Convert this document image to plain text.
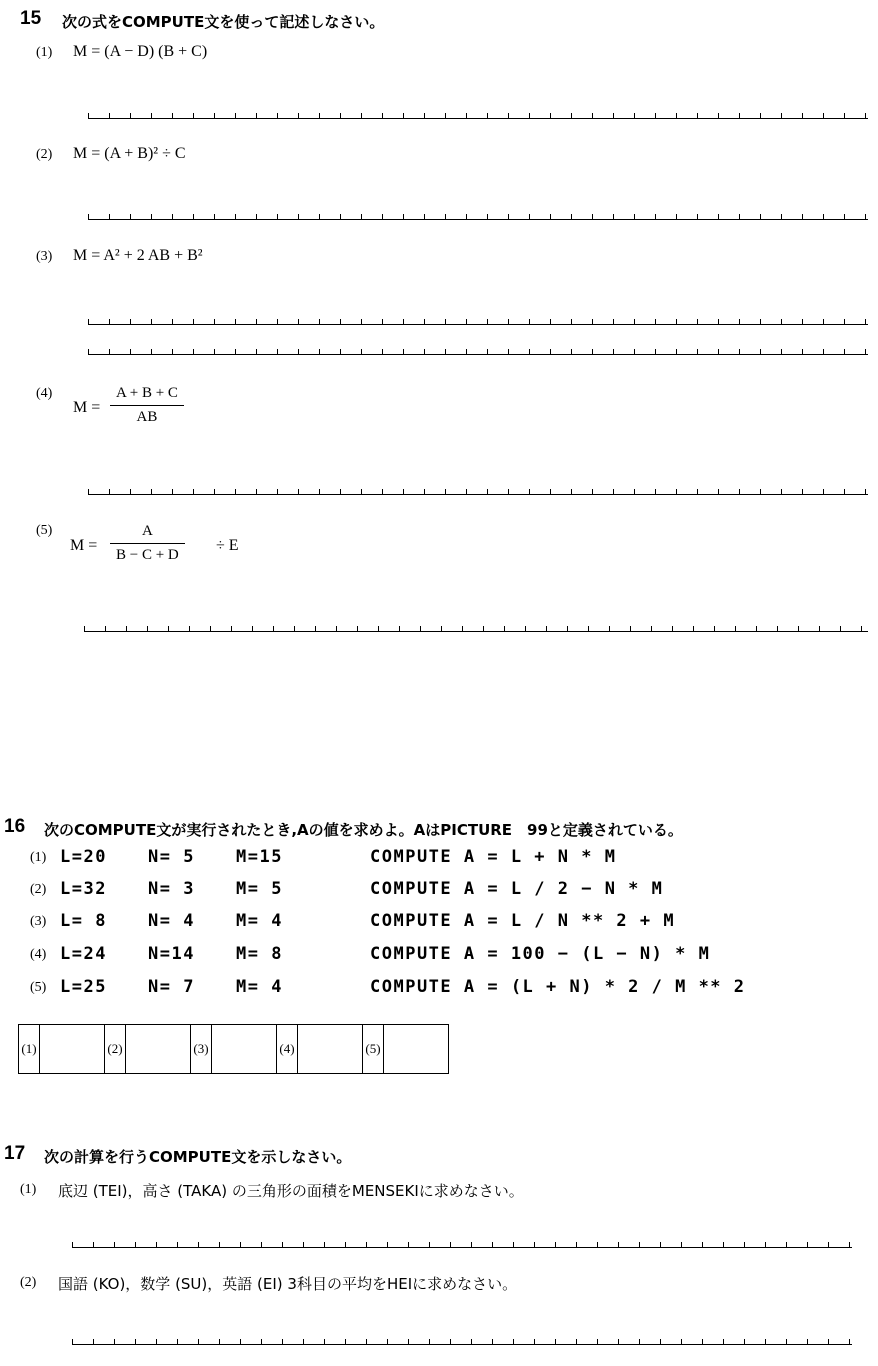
15 次の式をCOMPUTE文を使って記述しなさい。
(1) M = (A − D) (B + C)
(2) M = (A + B)² ÷ C
(3) M = A² + 2 AB + B²
(4)
$M = \frac{A + B + C}{AB}$
(5)
$M = \frac{A}{B - C + D} \div E$
16 次のCOMPUTE文が実行されたとき,Aの値を求めよ。AはPICTURE　99と定義されている。
(1) L=20 N= 5 M=15	COMPUTE A = L + N * M
(2) L=32 N= 3 M= 5	COMPUTE A = L / 2 − N * M
(3) L= 8 N= 4 M= 4	COMPUTE A = L / N ** 2 + M
(4) L=24 N=14 M= 8	COMPUTE A = 100 − (L − N) * M
(5) L=25 N= 7 M= 4	COMPUTE A = (L + N) * 2 / M ** 2
(1)		(2)		(3)		(4)		(5)	
17 次の計算を行うCOMPUTE文を示しなさい。
(1) 底辺 (TEI)，高さ (TAKA) の三角形の面積をMENSEKIに求めなさい。
(2) 国語 (KO)，数学 (SU)，英語 (EI) 3科目の平均をHEIに求めなさい。
